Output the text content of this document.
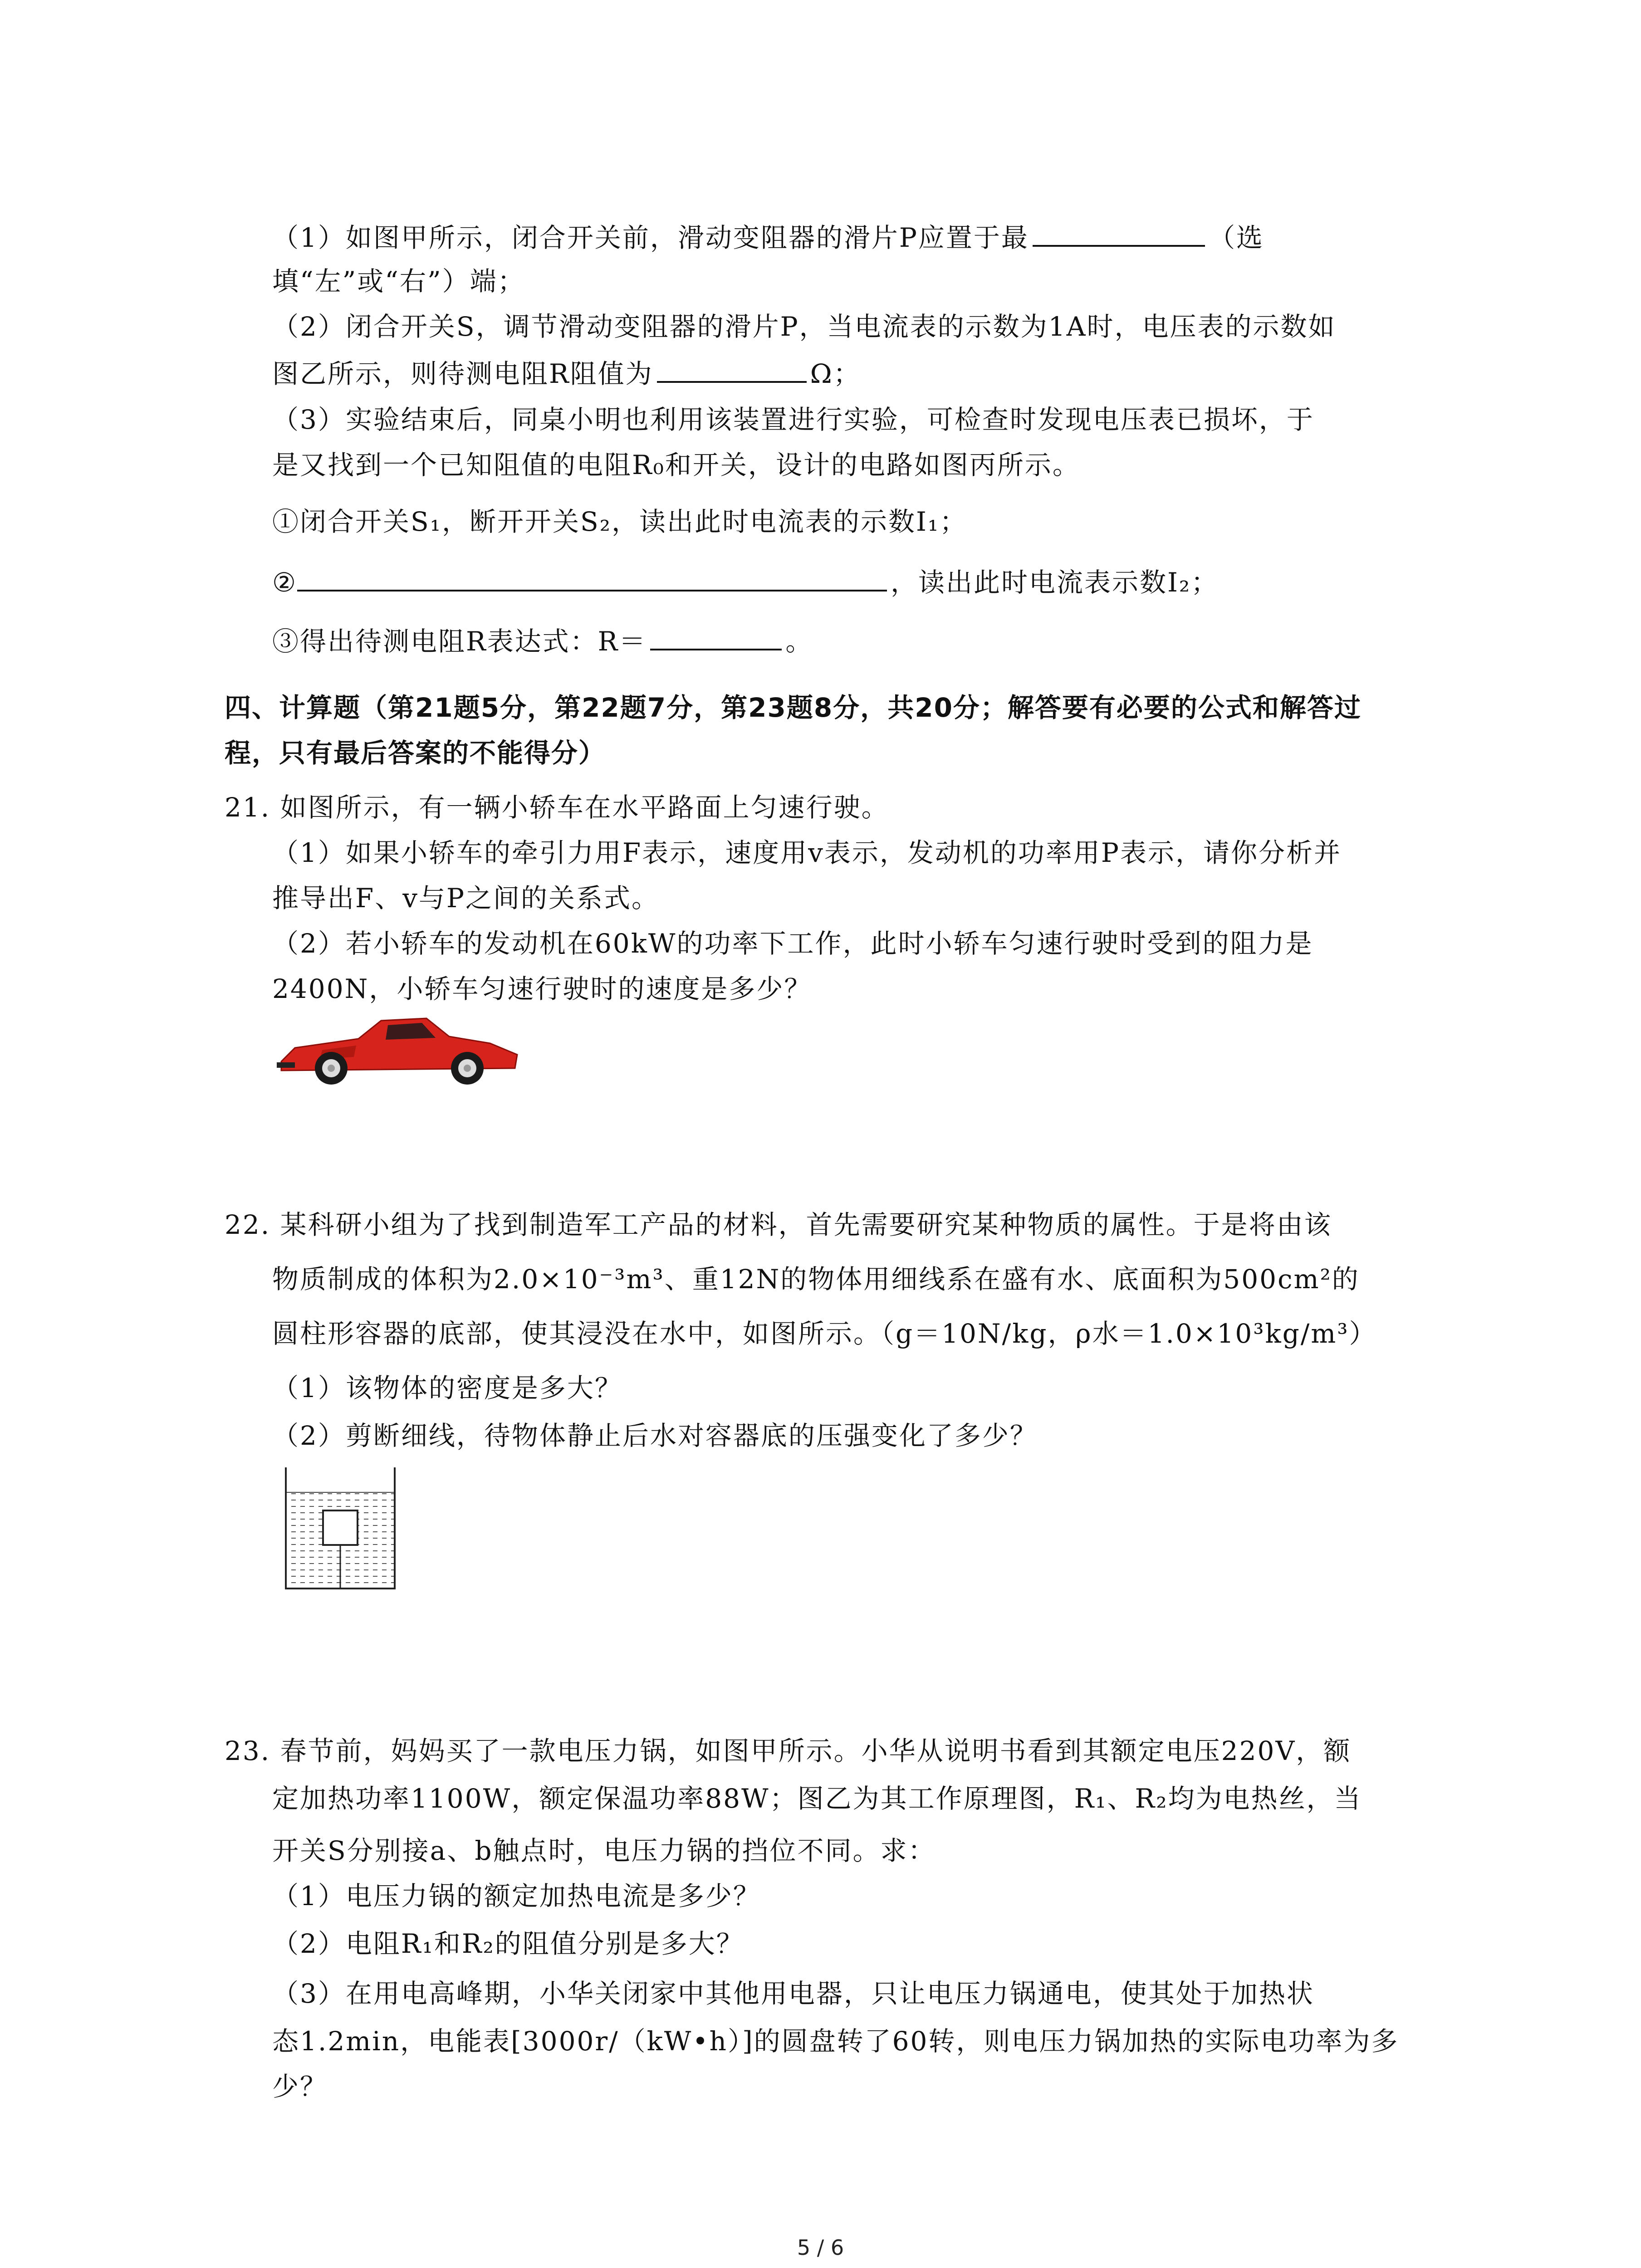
（1）如图甲所示，闭合开关前，滑动变阻器的滑片P应置于最	（选
填“左”或“右”）端；
（2）闭合开关S，调节滑动变阻器的滑片P，当电流表的示数为1A时，电压表的示数如
图乙所示，则待测电阻R阻值为	Ω；
（3）实验结束后，同桌小明也利用该装置进行实验，可检查时发现电压表已损坏，于
是又找到一个已知阻值的电阻R₀和开关，设计的电路如图丙所示。
①闭合开关S₁，断开开关S₂，读出此时电流表的示数I₁；
②	，读出此时电流表示数I₂；
③得出待测电阻R表达式：R＝	。
四、计算题（第21题5分，第22题7分，第23题8分，共20分；解答要有必要的公式和解答过
程，只有最后答案的不能得分）
21. 如图所示，有一辆小轿车在水平路面上匀速行驶。
（1）如果小轿车的牵引力用F表示，速度用v表示，发动机的功率用P表示，请你分析并
推导出F、v与P之间的关系式。
（2）若小轿车的发动机在60kW的功率下工作，此时小轿车匀速行驶时受到的阻力是
2400N，小轿车匀速行驶时的速度是多少？
22. 某科研小组为了找到制造军工产品的材料，首先需要研究某种物质的属性。于是将由该
物质制成的体积为2.0×10⁻³m³、重12N的物体用细线系在盛有水、底面积为500cm²的
圆柱形容器的底部，使其浸没在水中，如图所示。（g＝10N/kg，ρ水＝1.0×10³kg/m³）
（1）该物体的密度是多大？
（2）剪断细线，待物体静止后水对容器底的压强变化了多少？
23. 春节前，妈妈买了一款电压力锅，如图甲所示。小华从说明书看到其额定电压220V，额
定加热功率1100W，额定保温功率88W；图乙为其工作原理图，R₁、R₂均为电热丝，当
开关S分别接a、b触点时，电压力锅的挡位不同。求：
（1）电压力锅的额定加热电流是多少？
（2）电阻R₁和R₂的阻值分别是多大？
（3）在用电高峰期，小华关闭家中其他用电器，只让电压力锅通电，使其处于加热状
态1.2min，电能表[3000r/（kW•h）]的圆盘转了60转，则电压力锅加热的实际电功率为多
少？
5 / 6
